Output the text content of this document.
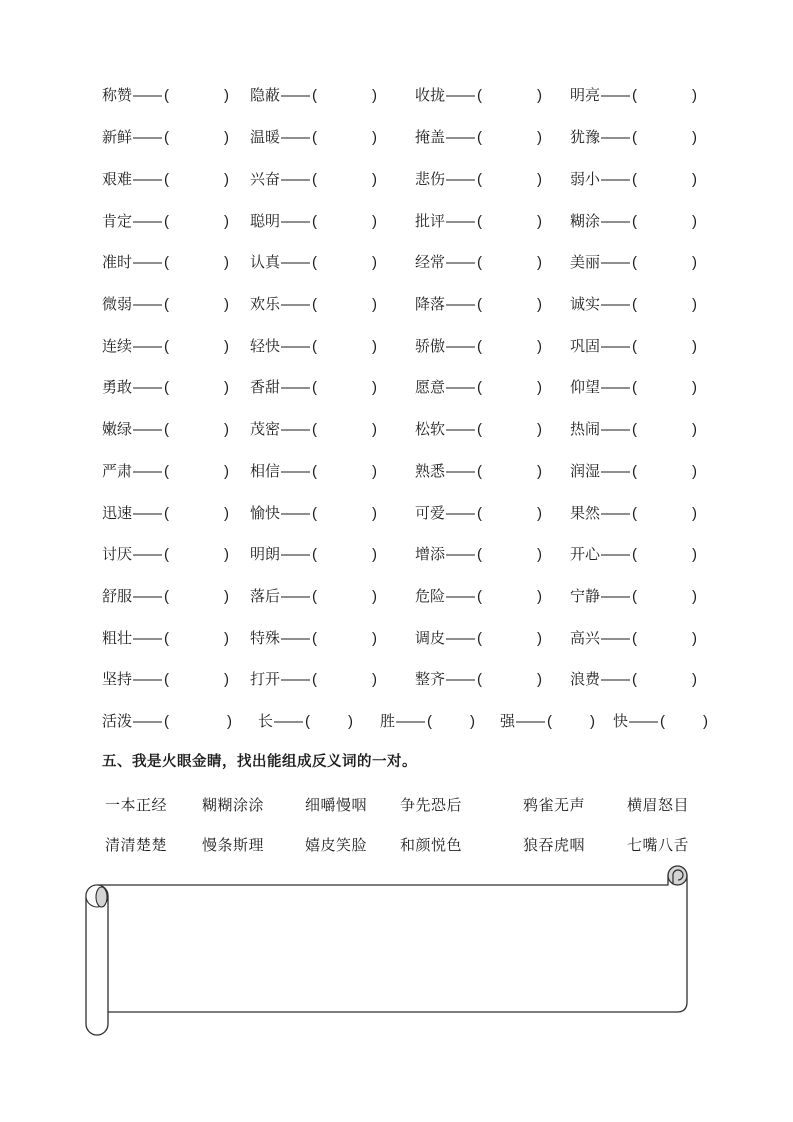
称赞—— (	)	隐蔽—— (	)	收拢—— (	)	明亮—— (	)
新鲜—— (	)	温暖—— (	)	掩盖—— (	)	犹豫—— (	)
艰难—— (	)	兴奋—— (	)	悲伤—— (	)	弱小—— (	)
肯定—— (	)	聪明—— (	)	批评—— (	)	糊涂—— (	)
准时—— (	)	认真—— (	)	经常—— (	)	美丽—— (	)
微弱—— (	)	欢乐—— (	)	降落—— (	)	诚实—— (	)
连续—— (	)	轻快—— (	)	骄傲—— (	)	巩固—— (	)
勇敢—— (	)	香甜—— (	)	愿意—— (	)	仰望—— (	)
嫩绿—— (	)	茂密—— (	)	松软—— (	)	热闹—— (	)
严肃—— (	)	相信—— (	)	熟悉—— (	)	润湿—— (	)
迅速—— (	)	愉快—— (	)	可爱—— (	)	果然—— (	)
讨厌—— (	)	明朗—— (	)	增添—— (	)	开心—— (	)
舒服—— (	)	落后—— (	)	危险—— (	)	宁静—— (	)
粗壮—— (	)	特殊—— (	)	调皮—— (	)	高兴—— (	)
坚持—— (	)	打开—— (	)	整齐—— (	)	浪费—— (	)
活泼—— (	)	长—— (	)	胜—— (	)	强—— (	)	快—— (	)
五、我是火眼金睛，找出能组成反义词的一对。
一本正经	糊糊涂涂	细嚼慢咽	争先恐后	鸦雀无声	横眉怒目
清清楚楚	慢条斯理	嬉皮笑脸	和颜悦色	狼吞虎咽	七嘴八舌
